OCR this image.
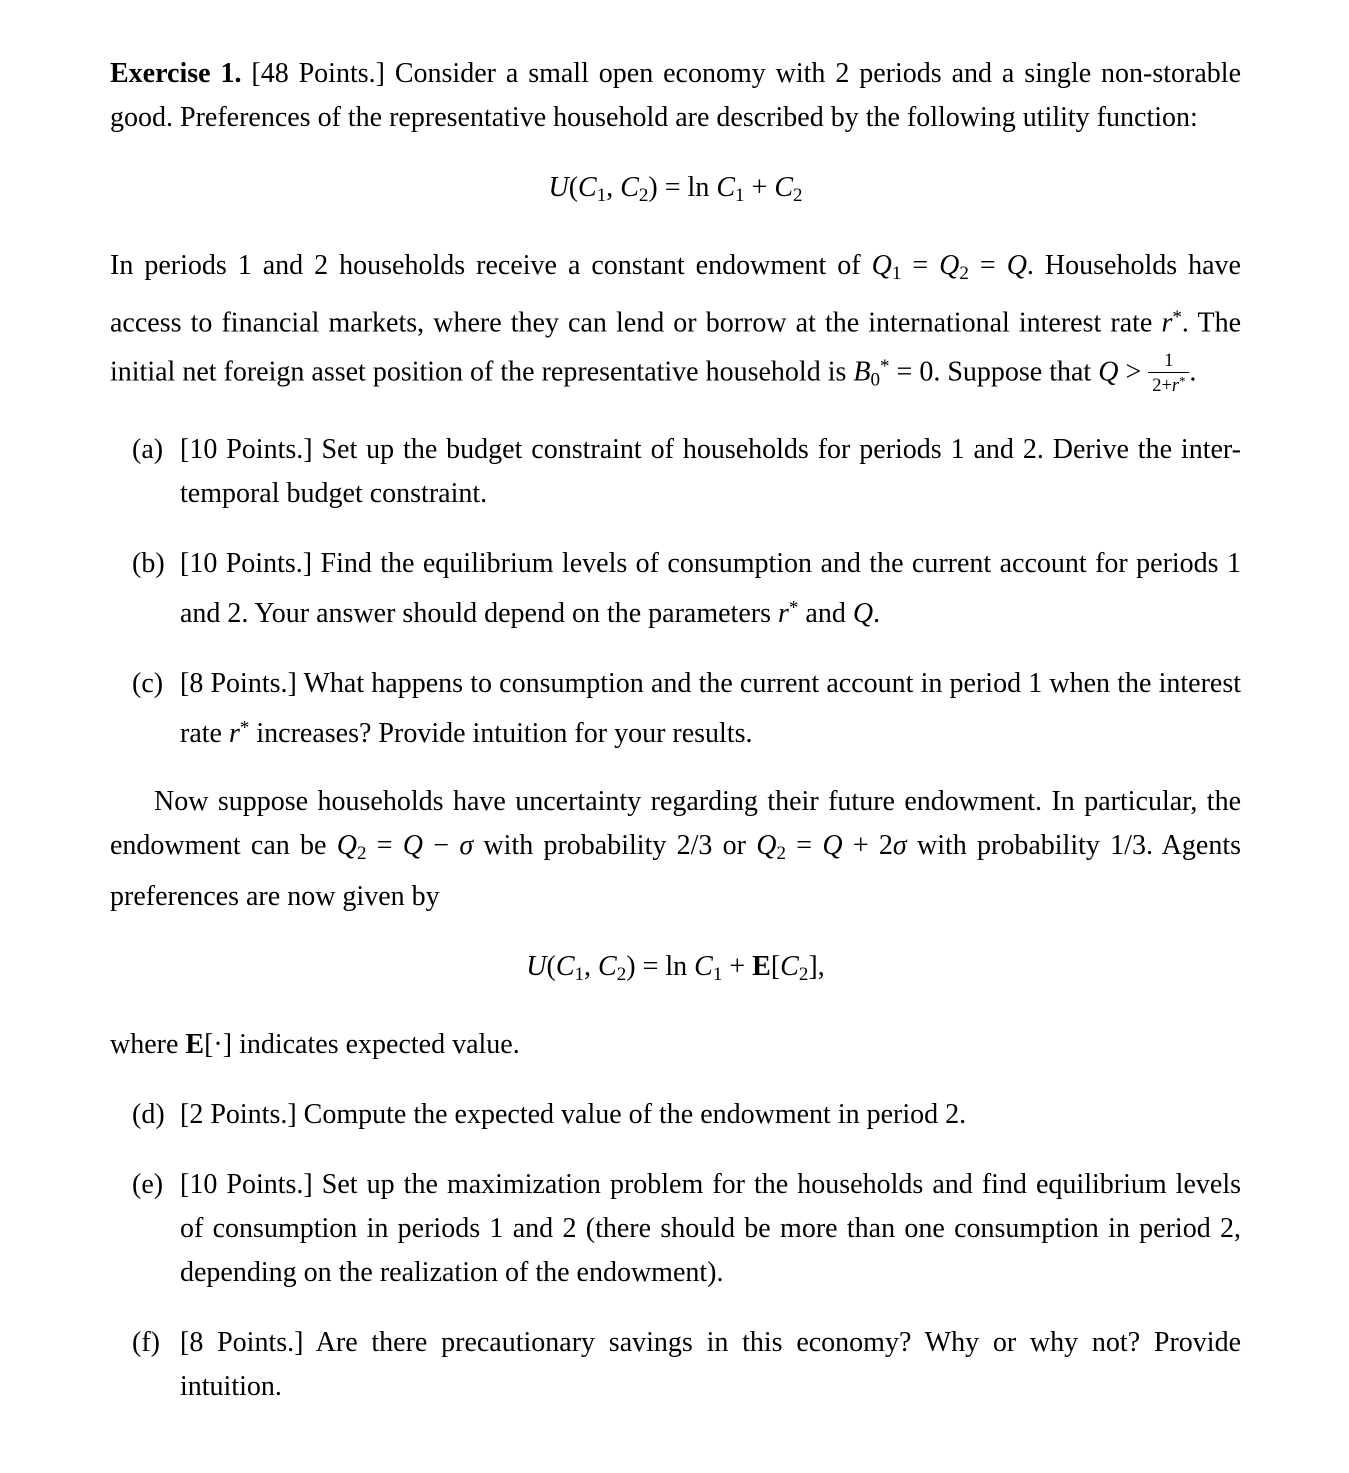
Exercise 1. [48 Points.] Consider a small open economy with 2 periods and a single non-storable good. Preferences of the representative household are described by the following utility function:

U(C1, C2) = ln C1 + C2

In periods 1 and 2 households receive a constant endowment of Q1 = Q2 = Q. Households have access to financial markets, where they can lend or borrow at the international interest rate r*. The initial net foreign asset position of the representative household is B0* = 0. Suppose that $Q > \frac{1}{2+r^*}$ .

(a) [10 Points.] Set up the budget constraint of households for periods 1 and 2. Derive the inter-temporal budget constraint.
(b) [10 Points.] Find the equilibrium levels of consumption and the current account for periods 1 and 2. Your answer should depend on the parameters r* and Q.
(c) [8 Points.] What happens to consumption and the current account in period 1 when the interest rate r* increases? Provide intuition for your results.

Now suppose households have uncertainty regarding their future endowment. In particular, the endowment can be Q2 = Q − σ with probability 2/3 or Q2 = Q + 2σ with probability 1/3. Agents preferences are now given by

U(C1, C2) = ln C1 + E[C2],

where E[·] indicates expected value.

(d) [2 Points.] Compute the expected value of the endowment in period 2.
(e) [10 Points.] Set up the maximization problem for the households and find equilibrium levels of consumption in periods 1 and 2 (there should be more than one consumption in period 2, depending on the realization of the endowment).
(f) [8 Points.] Are there precautionary savings in this economy? Why or why not? Provide intuition.
